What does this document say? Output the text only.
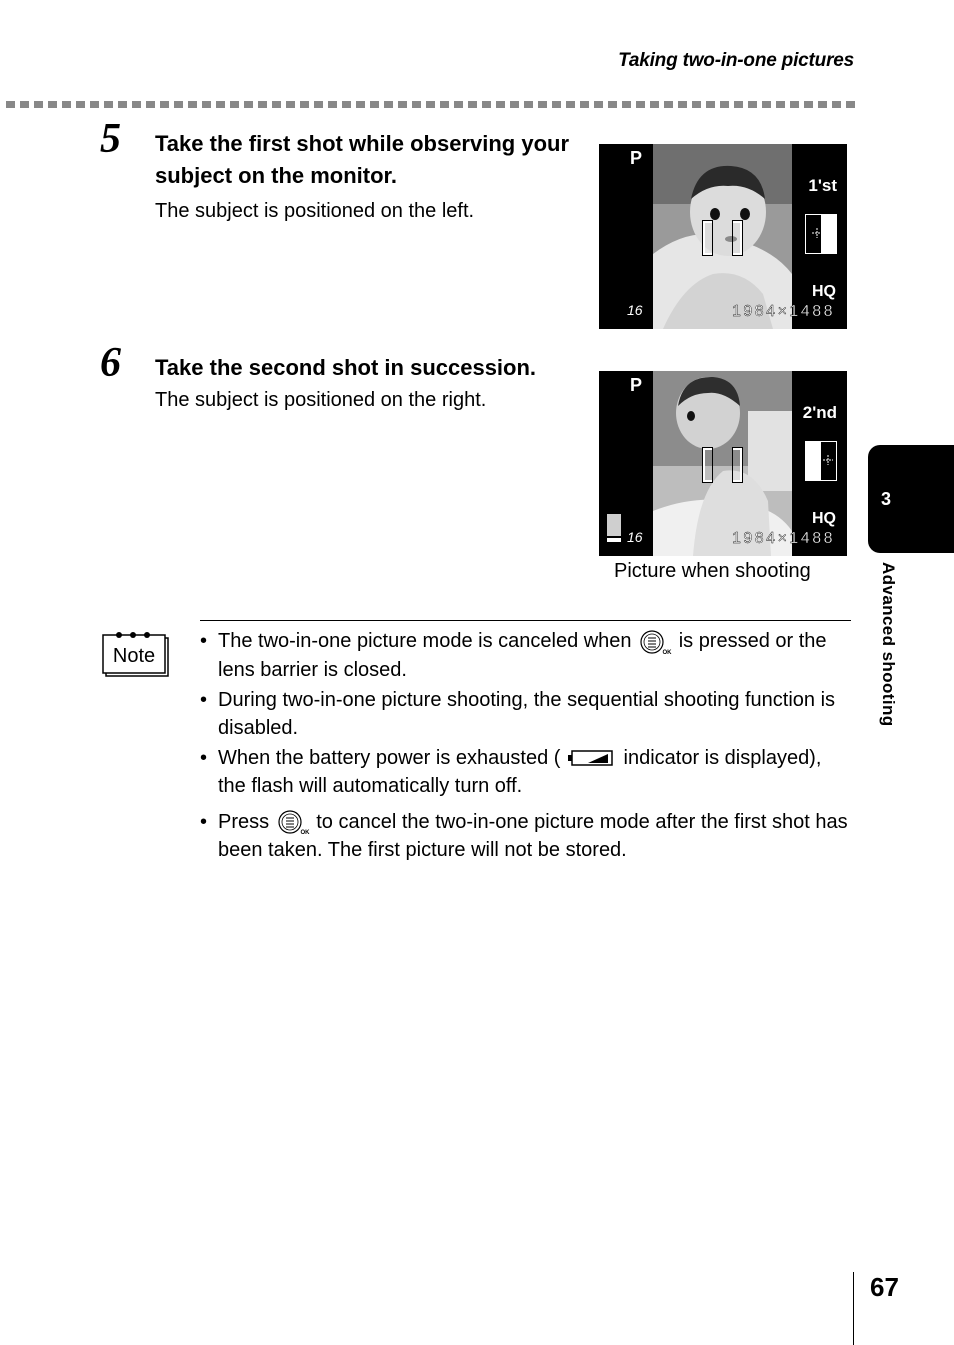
Taking two-in-one pictures
5 Take the first shot while observing your subject on the monitor.
The subject is positioned on the left.
P
1'st
HQ
16	1984×1488
6 Take the second shot in succession.
The subject is positioned on the right.
P
2'nd
HQ
16	1984×1488
Picture when shooting
Note
• The two-in-one picture mode is canceled when
OK
is pressed or the lens barrier is closed.
• During two-in-one picture shooting, the sequential shooting function is disabled.
• When the battery power is exhausted (	indicator is displayed), the flash will automatically turn off.
• Press
OK
to cancel the two-in-one picture mode after the first shot has been taken. The first picture will not be stored.
3
Advanced shooting
67
